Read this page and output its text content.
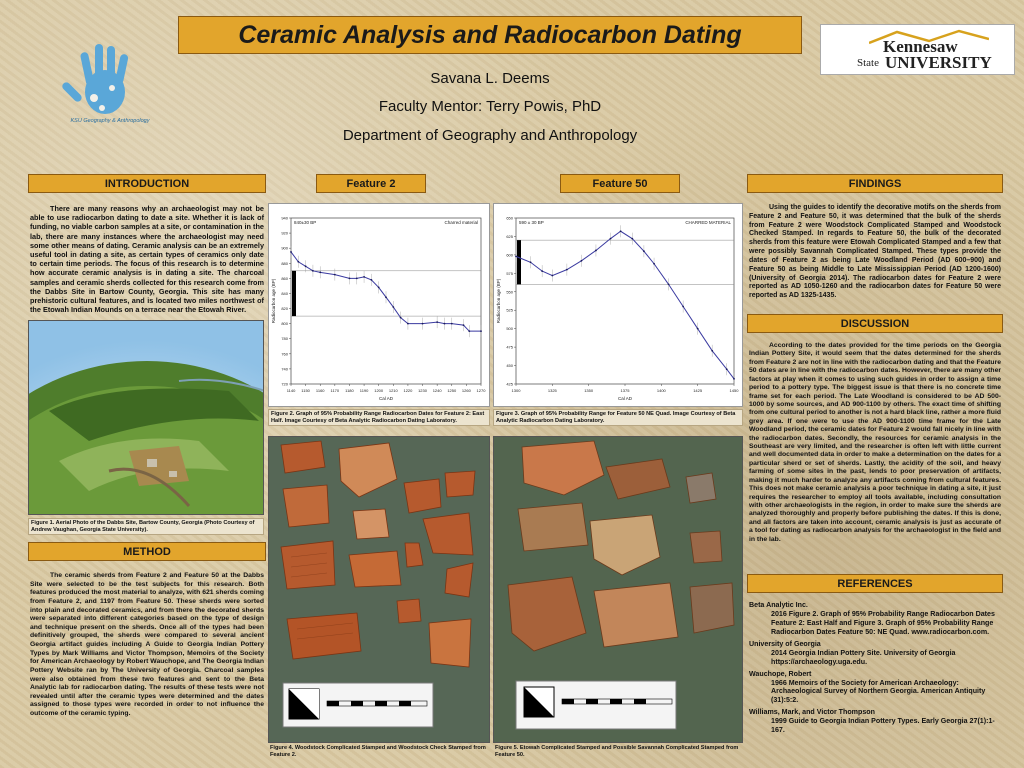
KSU Geography & Anthropology
Ceramic Analysis and Radiocarbon Dating
Savana L. Deems
Faculty Mentor: Terry Powis, PhD
Department of Geography and Anthropology
Kennesaw
State UNIVERSITY
INTRODUCTION

There are many reasons why an archaeologist may not be able to use radiocarbon dating to date a site. Whether it is lack of funding, no viable carbon samples at a site, or contamination in the lab, there are many instances where the archaeologist may need some other means of dating. Ceramic analysis can be an extremely useful tool in dating a site, as certain types of ceramics only date to certain time periods. The focus of this research is to determine how accurate ceramic analysis is in dating a site. The charcoal samples and ceramic sherds collected for this research come from the Dabbs Site in Bartow County, Georgia. This site has many prehistoric cultural features, and is located two miles northwest of the Etowah Indian Mounds on a terrace near the Etowah River.

Figure 1. Aerial Photo of the Dabbs Site, Bartow County, Georgia (Photo Courtesy of Andrew Vaughan, Georgia State University).
METHOD

The ceramic sherds from Feature 2 and Feature 50 at the Dabbs Site were selected to be the test subjects for this research. Both features produced the most material to analyze, with 621 sherds coming from Feature 2, and 1197 from Feature 50. These sherds were sorted into plain and decorated ceramics, and from there the decorated sherds were separated into different categories based on the type of design and technique present on the sherds. Once all of the types had been definitively grouped, the sherds were compared to several ancient Georgia artifact guides including A Guide to Georgia Indian Pottery Types by Mark Williams and Victor Thompson, Memoirs of the Society for American Archaeology by Robert Wauchope, and The Georgia Indian Pottery Website ran by The University of Georgia. Charcoal samples were also obtained from these two features and sent to the Beta Analytic lab for radiocarbon dating. The results of these tests were not revealed until after the ceramic types were determined and the dates assigned to those types were recorded in order to not influence the outcome of the ceramic typing.

Feature 2	Feature 50
1140 1150 1160 1170 1180 1190 1200 1210 1220 1230 1240 1250 1260 1270
720
740
760
780
800
820
840
860
880
900
920
940
Cal AD
Radiocarbon age (BP)
840±30 BP	Charred material
1300	1325	1350	1375	1400	1425	1450
425
450
475
500
525
550
575
600
625
650
Cal AD
Radiocarbon age (BP)
590 ± 30 BP	CHARRED MATERIAL
Figure 2. Graph of 95% Probability Range Radiocarbon Dates for Feature 2: East Half. Image Courtesy of Beta Analytic Radiocarbon Dating Laboratory.
Figure 3. Graph of 95% Probability Range for Feature 50 NE Quad. Image Courtesy of Beta Analytic Radiocarbon Dating Laboratory.
Figure 4. Woodstock Complicated Stamped and Woodstock Check Stamped from Feature 2.
Figure 5. Etowah Complicated Stamped and Possible Savannah Complicated Stamped from Feature 50.
FINDINGS

Using the guides to identify the decorative motifs on the sherds from Feature 2 and Feature 50, it was determined that the bulk of the sherds from Feature 2 were Woodstock Complicated Stamped and Woodstock Checked Stamped. In regards to Feature 50, the bulk of the decorated sherds from this feature were Etowah Complicated Stamped and a few that were possibly Savannah Complicated Stamped. These types provide the dates of Feature 2 as being Late Woodland Period (AD 600–900) and Feature 50 as being Middle to Late Mississippian Period (AD 1200-1600) (University of Georgia 2014). The radiocarbon dates for Feature 2 were reported as AD 1050-1260 and the radiocarbon dates for Feature 50 were reported as AD 1325-1435.

DISCUSSION

According to the dates provided for the time periods on the Georgia Indian Pottery Site, it would seem that the dates determined for the sherds from Feature 2 are not in line with the radiocarbon dating and that the Feature 50 dates are in line with the radiocarbon dates. However, there are many other factors at play when it comes to using such guides in order to assign a time period to a pottery type. The biggest issue is that there is no concrete time frame set for each period. The Late Woodland is considered to be AD 500-1000 by some sources, and AD 900-1100 by others. The exact time of shifting from one cultural period to another is not a hard black line, rather a more fluid grey area. If one were to use the AD 900-1100 time frame for the Late Woodland period, the ceramic dates for Feature 2 would fall nicely in line with the radiocarbon dates. Secondly, the resources for ceramic analysis in the Southeast are very limited, and the researcher is often left with little current and well documented data in order to make a determination on the dates for a particular sherd or set of sherds. Lastly, the acidity of the soil, and heavy farming of some sites in the past, lends to poor preservation of artifacts, making it much harder to analyze any artifacts coming from cultural features. This does not make ceramic analysis a poor technique in dating a site, it just requires the researcher to employ all tools available, including consultation with other archaeologists in the region, in order to make sure the sherds are analyzed thoroughly and properly before publishing the dates. If this is done, and all factors are taken into account, ceramic analysis is just as accurate of a tool for dating as radiocarbon analysis for the archaeologist in the field and in the lab.

REFERENCES
Beta Analytic Inc.
2016 Figure 2. Graph of 95% Probability Range Radiocarbon Dates Feature 2: East Half and Figure 3. Graph of 95% Probability Range Radiocarbon Dates Feature 50: NE Quad. www.radiocarbon.com.
University of Georgia
2014 Georgia Indian Pottery Site. University of Georgia https://archaeology.uga.edu.
Wauchope, Robert
1966 Memoirs of the Society for American Archaeology: Archaeological Survey of Northern Georgia. American Antiquity (31):5:2.
Williams, Mark, and Victor Thompson
1999 Guide to Georgia Indian Pottery Types. Early Georgia 27(1):1-167.
